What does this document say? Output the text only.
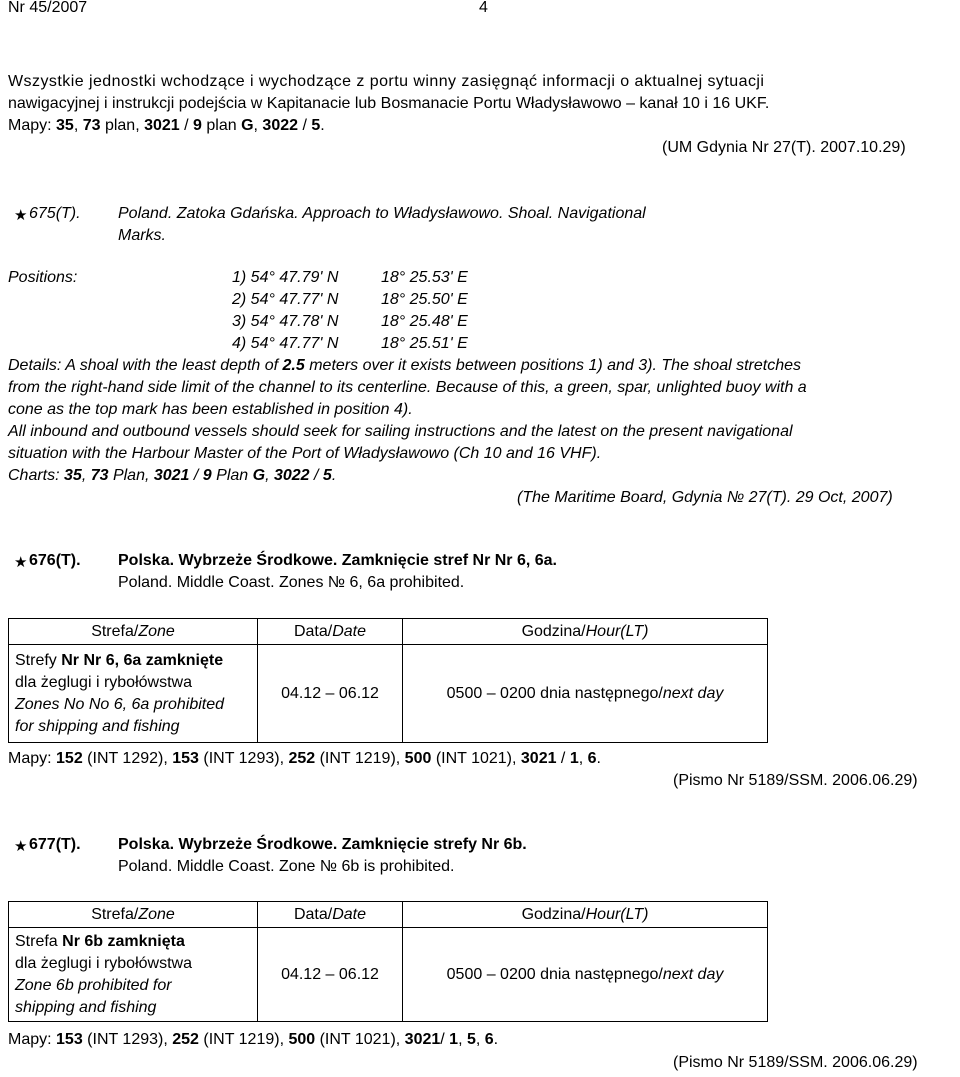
Nr 45/2007	4
Wszystkie jednostki wchodzące i wychodzące z portu winny zasięgnąć informacji o aktualnej sytuacji
nawigacyjnej i instrukcji podejścia w Kapitanacie lub Bosmanacie Portu Władysławowo – kanał 10 i 16 UKF.
Mapy: 35, 73 plan, 3021 / 9 plan G, 3022 / 5.
(UM Gdynia Nr 27(T). 2007.10.29)
★ 675(T). Poland. Zatoka Gdańska. Approach to Władysławowo. Shoal. Navigational
Marks.
Positions:	1) 54° 47.79' N	18° 25.53' E
2) 54° 47.77' N	18° 25.50' E
3) 54° 47.78' N	18° 25.48' E
4) 54° 47.77' N	18° 25.51' E
Details: A shoal with the least depth of 2.5 meters over it exists between positions 1) and 3). The shoal stretches
from the right-hand side limit of the channel to its centerline. Because of this, a green, spar, unlighted buoy with a
cone as the top mark has been established in position 4).
All inbound and outbound vessels should seek for sailing instructions and the latest on the present navigational
situation with the Harbour Master of the Port of Władysławowo (Ch 10 and 16 VHF).
Charts: 35, 73 Plan, 3021 / 9 Plan G, 3022 / 5.
(The Maritime Board, Gdynia № 27(T). 29 Oct, 2007)
★ 676(T). Polska. Wybrzeże Środkowe. Zamknięcie stref Nr Nr 6, 6a.
Poland. Middle Coast. Zones № 6, 6a prohibited.
Strefa/Zone	Data/Date	Godzina/Hour(LT)

Strefy Nr Nr 6, 6a zamknięte
dla żeglugi i rybołówstwa
Zones No No 6, 6a prohibited
for shipping and fishing	04.12 – 06.12	0500 – 0200 dnia następnego/next day
Mapy: 152 (INT 1292), 153 (INT 1293), 252 (INT 1219), 500 (INT 1021), 3021 / 1, 6.
(Pismo Nr 5189/SSM. 2006.06.29)
★ 677(T). Polska. Wybrzeże Środkowe. Zamknięcie strefy Nr 6b.
Poland. Middle Coast. Zone № 6b is prohibited.
Strefa/Zone	Data/Date	Godzina/Hour(LT)

Strefa Nr 6b zamknięta
dla żeglugi i rybołówstwa
Zone 6b prohibited for
shipping and fishing	04.12 – 06.12	0500 – 0200 dnia następnego/next day
Mapy: 153 (INT 1293), 252 (INT 1219), 500 (INT 1021), 3021/ 1, 5, 6.
(Pismo Nr 5189/SSM. 2006.06.29)
